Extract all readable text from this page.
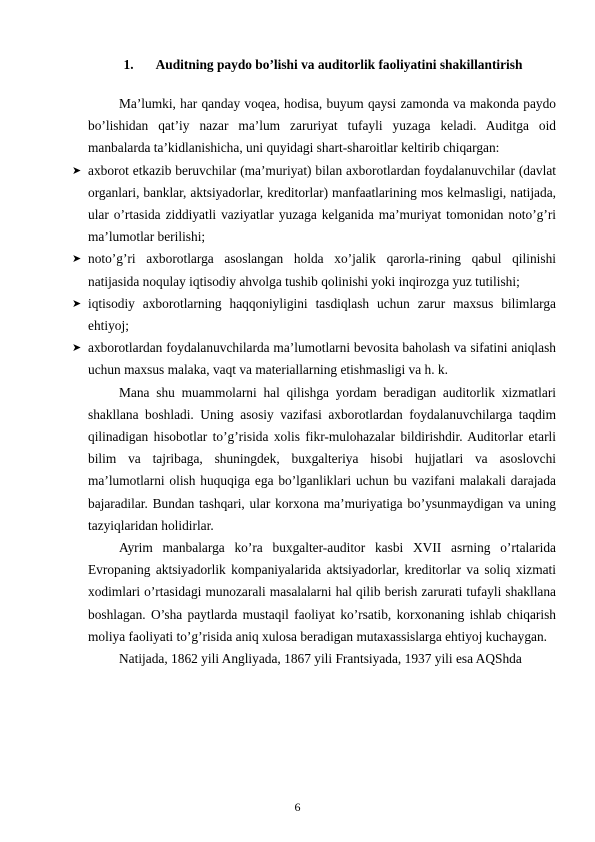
1. Auditning paydo bo’lishi va auditorlik faoliyatini shakillantirish

Ma’lumki, har qanday voqea, hodisa, buyum qaysi zamonda va makonda paydo bo’lishidan qat’iy nazar ma’lum zaruriyat tufayli yuzaga keladi. Auditga oid manbalarda ta’kidlanishicha, uni quyidagi shart-sharoitlar keltirib chiqargan:

➤ axborot etkazib beruvchilar (ma’muriyat) bilan axborotlardan foydalanuvchilar (davlat organlari, banklar, aktsiyadorlar, kreditorlar) manfaatlarining mos kelmasligi, natijada, ular o’rtasida ziddiyatli vaziyatlar yuzaga kelganida ma’muriyat tomonidan noto’g’ri ma’lumotlar berilishi;

➤ noto’g’ri axborotlarga asoslangan holda xo’jalik qarorla-rining qabul qilinishi natijasida noqulay iqtisodiy ahvolga tushib qolinishi yoki inqirozga yuz tutilishi;

➤ iqtisodiy axborotlarning haqqoniyligini tasdiqlash uchun zarur maxsus bilimlarga ehtiyoj;

➤ axborotlardan foydalanuvchilarda ma’lumotlarni bevosita baholash va sifatini aniqlash uchun maxsus malaka, vaqt va materiallarning etishmasligi va h. k.

Mana shu muammolarni hal qilishga yordam beradigan auditorlik xizmatlari shakllana boshladi. Uning asosiy vazifasi axborotlardan foydalanuvchilarga taqdim qilinadigan hisobotlar to’g’risida xolis fikr-mulohazalar bildirishdir. Auditorlar etarli bilim va tajribaga, shuningdek, buxgalteriya hisobi hujjatlari va asoslovchi ma’lumotlarni olish huquqiga ega bo’lganliklari uchun bu vazifani malakali darajada bajaradilar. Bundan tashqari, ular korxona ma’muriyatiga bo’ysunmaydigan va uning tazyiqlaridan holidirlar.

Ayrim manbalarga ko’ra buxgalter-auditor kasbi XVII asrning o’rtalarida Evropaning aktsiyadorlik kompaniyalarida aktsiyadorlar, kreditorlar va soliq xizmati xodimlari o’rtasidagi munozarali masalalarni hal qilib berish zarurati tufayli shakllana boshlagan. O’sha paytlarda mustaqil faoliyat ko’rsatib, korxonaning ishlab chiqarish moliya faoliyati to’g’risida aniq xulosa beradigan mutaxassislarga ehtiyoj kuchaygan.

Natijada, 1862 yili Angliyada, 1867 yili Frantsiyada, 1937 yili esa AQShda

6
